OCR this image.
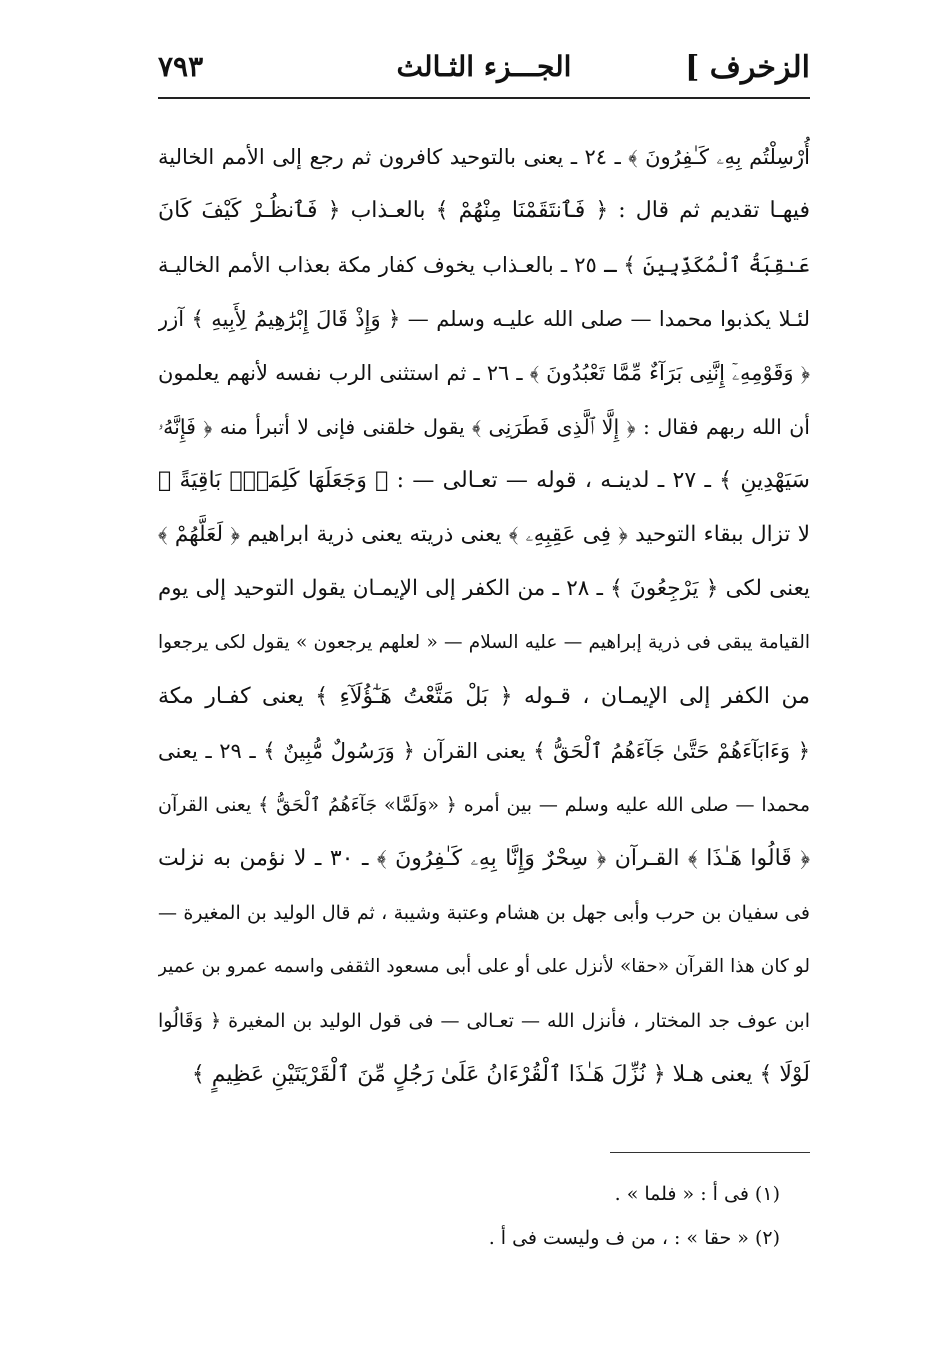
الزخرف ]
الجـــزء الثـالث
٧٩٣
أُرْسِلْتُم بِهِۦ كَـٰفِرُونَ ﴾ ـ ٢٤ ـ يعنى بالتوحيد كافرون ثم رجع إلى الأمم الخالية
فيهـا تقديم ثم قال : ﴿ فَٱنتَقَمْنَا مِنْهُمْ ﴾ بالعـذاب ﴿ فَٱنظُـرْ كَيْفَ كَانَ
عَـٰقِبَةُ ٱلْمُكَذِّبِينَ ﴾ ـ ٢٥ ـ بالعـذاب يخوف كفار مكة بعذاب الأمم الخاليـة
لئـلا يكذبوا محمدا — صلى الله عليـه وسلم — ﴿ وَإِذْ قَالَ إِبْرَٰهِيمُ لِأَبِيهِ ﴾ آزر
﴿ وَقَوْمِهِۦٓ إِنَّنِى بَرَآءٌ مِّمَّا تَعْبُدُونَ ﴾ ـ ٢٦ ـ ثم استثنى الرب نفسه لأنهم يعلمون
أن الله ربهم فقال : ﴿ إِلَّا ٱلَّذِى فَطَرَنِى ﴾ يقول خلقنى فإنى لا أتبرأ منه ﴿ فَإِنَّهُۥ
سَيَهْدِينِ ﴾ ـ ٢٧ ـ لدينـه ، قوله — تعـالى — : ﴿ وَجَعَلَهَا كَلِمَةًۢ بَاقِيَةً ﴾
لا تزال ببقاء التوحيد ﴿ فِى عَقِبِهِۦ ﴾ يعنى ذريته يعنى ذرية ابراهيم ﴿ لَعَلَّهُمْ ﴾
يعنى لكى ﴿ يَرْجِعُونَ ﴾ ـ ٢٨ ـ من الكفر إلى الإيمـان يقول التوحيد إلى يوم
القيامة يبقى فى ذرية إبراهيم — عليه السلام — « لعلهم يرجعون » يقول لكى يرجعوا
من الكفر إلى الإيمـان ، قـوله ﴿ بَلْ مَتَّعْتُ هَـٰٓؤُلَآءِ ﴾ يعنى كفـار مكة
﴿ وَءَابَآءَهُمْ حَتَّىٰ جَآءَهُمُ ٱلْحَقُّ ﴾ يعنى القرآن ﴿ وَرَسُولٌ مُّبِينٌ ﴾ ـ ٢٩ ـ يعنى
محمدا — صلى الله عليه وسلم — بين أمره ﴿ «وَلَمَّا» جَآءَهُمُ ٱلْحَقُّ ﴾ يعنى القرآن
﴿ قَالُوا هَـٰذَا ﴾ القـرآن ﴿ سِحْرٌ وَإِنَّا بِهِۦ كَـٰفِرُونَ ﴾ ـ ٣٠ ـ لا نؤمن به نزلت
فى سفيان بن حرب وأبى جهل بن هشام وعتبة وشيبة ، ثم قال الوليد بن المغيرة —
لو كان هذا القرآن «حقا» لأنزل على أو على أبى مسعود الثقفى واسمه عمرو بن عمير
ابن عوف جد المختار ، فأنزل الله — تعـالى — فى قول الوليد بن المغيرة ﴿ وَقَالُوا
لَوْلَا ﴾ يعنى هـلا ﴿ نُزِّلَ هَـٰذَا ٱلْقُرْءَانُ عَلَىٰ رَجُلٍ مِّنَ ٱلْقَرْيَتَيْنِ عَظِيمٍ ﴾
(١) فى أ : « فلما » .
(٢) « حقا » : ، من ف وليست فى أ .
